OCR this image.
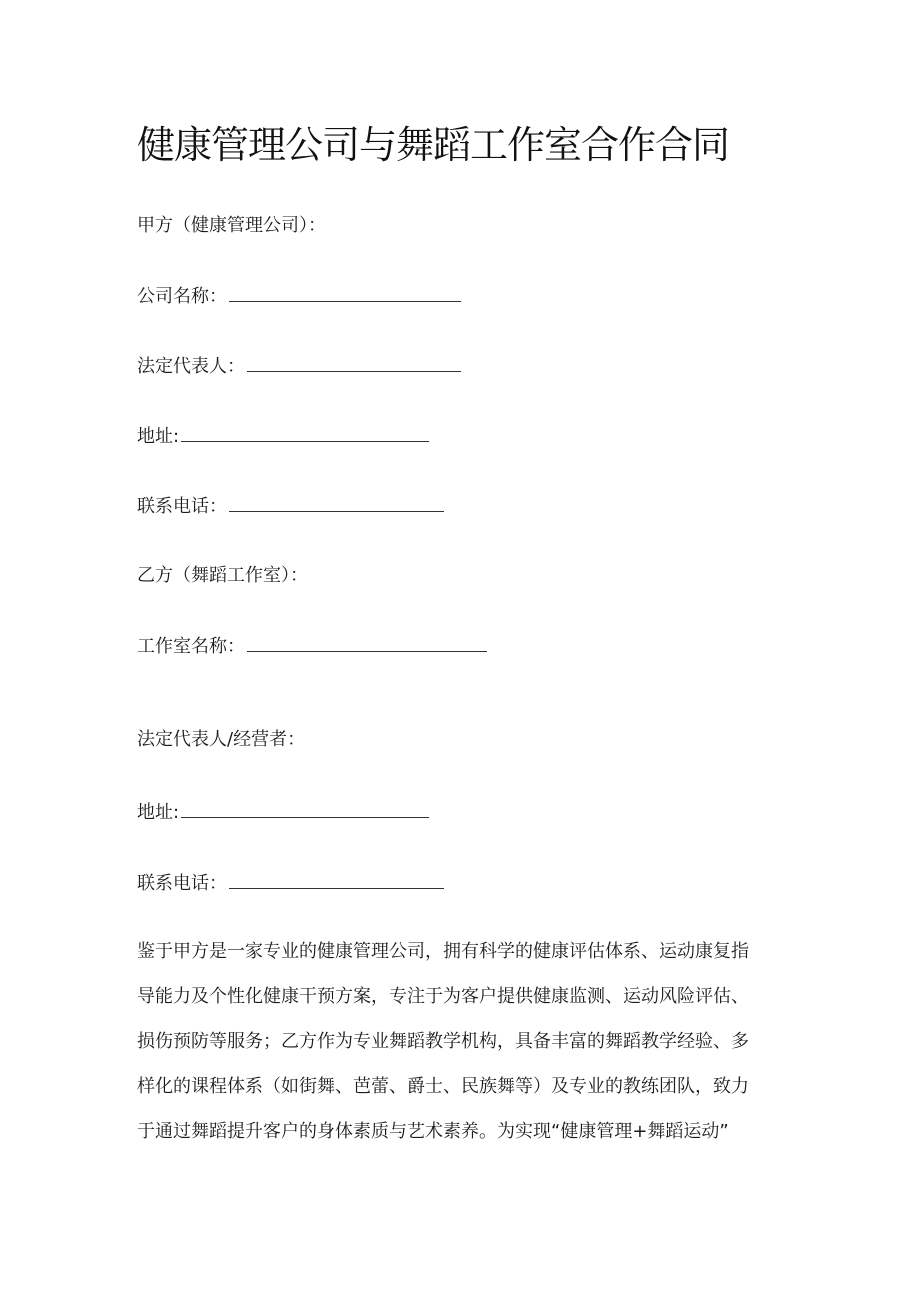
健康管理公司与舞蹈工作室合作合同
甲方（健康管理公司）：
公司名称：
法定代表人：
地址:
联系电话：
乙方（舞蹈工作室）：
工作室名称：
法定代表人/经营者：
地址:
联系电话：
鉴于甲方是一家专业的健康管理公司，拥有科学的健康评估体系、运动康复指
导能力及个性化健康干预方案，专注于为客户提供健康监测、运动风险评估、
损伤预防等服务；乙方作为专业舞蹈教学机构，具备丰富的舞蹈教学经验、多
样化的课程体系（如街舞、芭蕾、爵士、民族舞等）及专业的教练团队，致力
于通过舞蹈提升客户的身体素质与艺术素养。为实现“健康管理+舞蹈运动”
